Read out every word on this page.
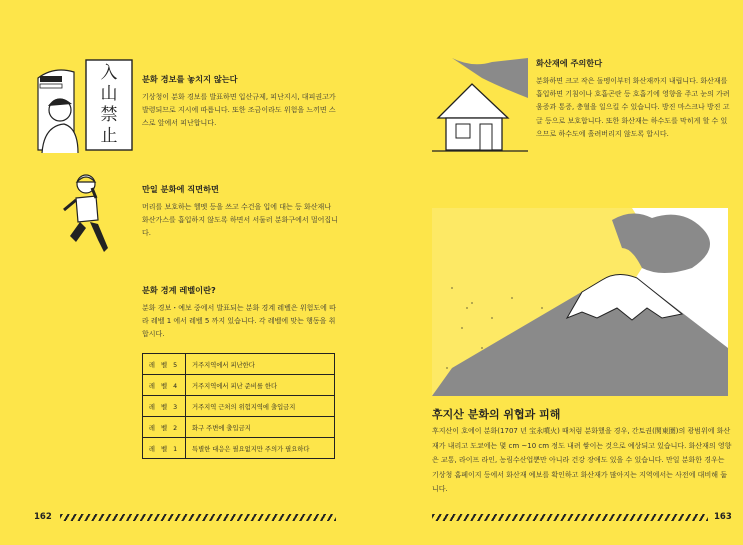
入
山
禁
止

분화 경보를 놓치지 않는다

기상청이 분화 경보를 발표하면 입산규제, 피난지시, 대피권고가 발령되므로 지시에 따릅니다. 또한 조금이라도 위험을 느끼면 스스로 앞에서 피난합니다.

만일 분화에 직면하면

머리를 보호하는 헬멧 등을 쓰고 수건을 입에 대는 등 화산재나 화산가스를 흡입하지 않도록 하면서 서둘러 분화구에서 멀어집니다.

분화 경계 레벨이란?

분화 경보・예보 중에서 발표되는 분화 경계 레벨은 위험도에 따라 레벨 1 에서 레벨 5 까지 있습니다. 각 레벨에 맞는 행동을 취합시다.

레 벨 5	거주지역에서 피난한다
레 벨 4	거주지역에서 피난 준비를 한다
레 벨 3	거주지역 근처의 위험지역에 출입금지
레 벨 2	화구 주변에 출입금지
레 벨 1	특별한 대응은 필요없지만 주의가 필요하다
162

화산재에 주의한다

분화하면 크고 작은 돌멩이부터 화산재까지 내립니다. 화산재를 흡입하면 기침이나 호흡곤란 등 호흡기에 영향을 주고 눈의 가려움증과 통증, 충혈을 일으킬 수 있습니다. 방진 마스크나 방진 고글 등으로 보호합니다. 또한 화산재는 하수도를 막히게 할 수 있으므로 하수도에 흘려버리지 않도록 합시다.

후지산 분화의 위협과 피해

후지산이 호에이 분화(1707 년 宝永噴火) 때처럼 분화했을 경우, 간토권(関東圏)의 광범위에 화산재가 내리고 도쿄에는 몇 cm ~10 cm 정도 내려 쌓이는 것으로 예상되고 있습니다. 화산재의 영향은 교통, 라이프 라인, 농림수산업뿐만 아니라 건강 장애도 있을 수 있습니다. 만일 분화한 경우는 기상청 홈페이지 등에서 화산재 예보를 확인하고 화산재가 많아지는 지역에서는 사전에 대비해 둡니다.

163
